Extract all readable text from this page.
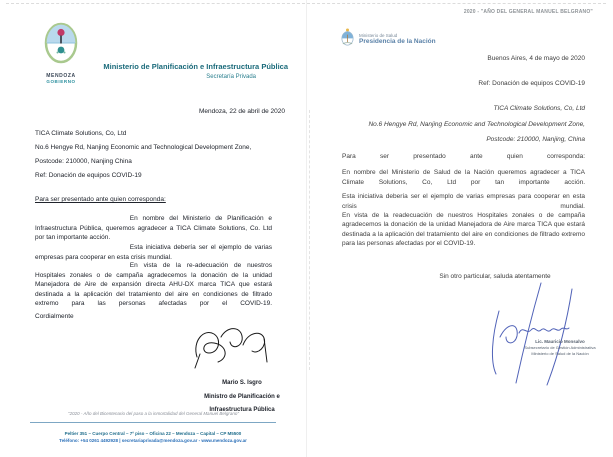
MENDOZA
GOBIERNO
Ministerio de Planificación e Infraestructura Pública
Secretaría Privada
Mendoza, 22 de abril de 2020
TICA Climate Solutions, Co, Ltd
No.6 Hengye Rd, Nanjing Economic and Technological Development Zone,
Postcode: 210000, Nanjing China
Ref: Donación de equipos COVID-19
Para ser presentado ante quien corresponda:
En nombre del Ministerio de Planificación e Infraestructura Pública, queremos agradecer a TICA Climate Solutions, Co. Ltd por tan importante acción.
Esta iniciativa debería ser el ejemplo de varias empresas para cooperar en esta crisis mundial.
En vista de la re-adecuación de nuestros Hospitales zonales o de campaña agradecemos la donación de la unidad Manejadora de Aire de expansión directa AHU-DX marca TICA que estará destinada a la aplicación del tratamiento del aire en condiciones de filtrado extremo para las personas afectadas por el COVID-19.
Cordialmente
Mario S. Isgro
Ministro de Planificación e
Infraestructura Pública
"2020 - Año del Bicentenario del paso a la inmortalidad del General Manuel Belgrano"
Peltier 351 – Cuerpo Central – 7º piso – Oficina 22 – Mendoza – Capital – CP M5500
Teléfono: +54 0261 4492928 | secretariaprivada@mendoza.gov.ar - www.mendoza.gov.ar
2020 - "AÑO DEL GENERAL MANUEL BELGRANO"
Ministerio de Salud
Presidencia de la Nación
Buenos Aires, 4 de mayo de 2020
Ref: Donación de equipos COVID-19
TICA Climate Solutions, Co, Ltd
No.6 Hengye Rd, Nanjing Economic and Technological Development Zone,
Postcode: 210000, Nanjing, China
Para ser presentado ante quien corresponda:
En nombre del Ministerio de Salud de la Nación queremos agradecer a TICA Climate Solutions, Co, Ltd por tan importante acción.
Esta iniciativa debería ser el ejemplo de varias empresas para cooperar en esta crisis mundial.
En vista de la readecuación de nuestros Hospitales zonales o de campaña agradecemos la donación de la unidad Manejadora de Aire marca TICA que estará destinada a la aplicación del tratamiento del aire en condiciones de filtrado extremo para las personas afectadas por el COVID-19.
Sin otro particular, saluda atentamente
Lic. Mauricio Monsalvo
Subsecretario de Gestión Administrativa
Ministerio de Salud de la Nación
